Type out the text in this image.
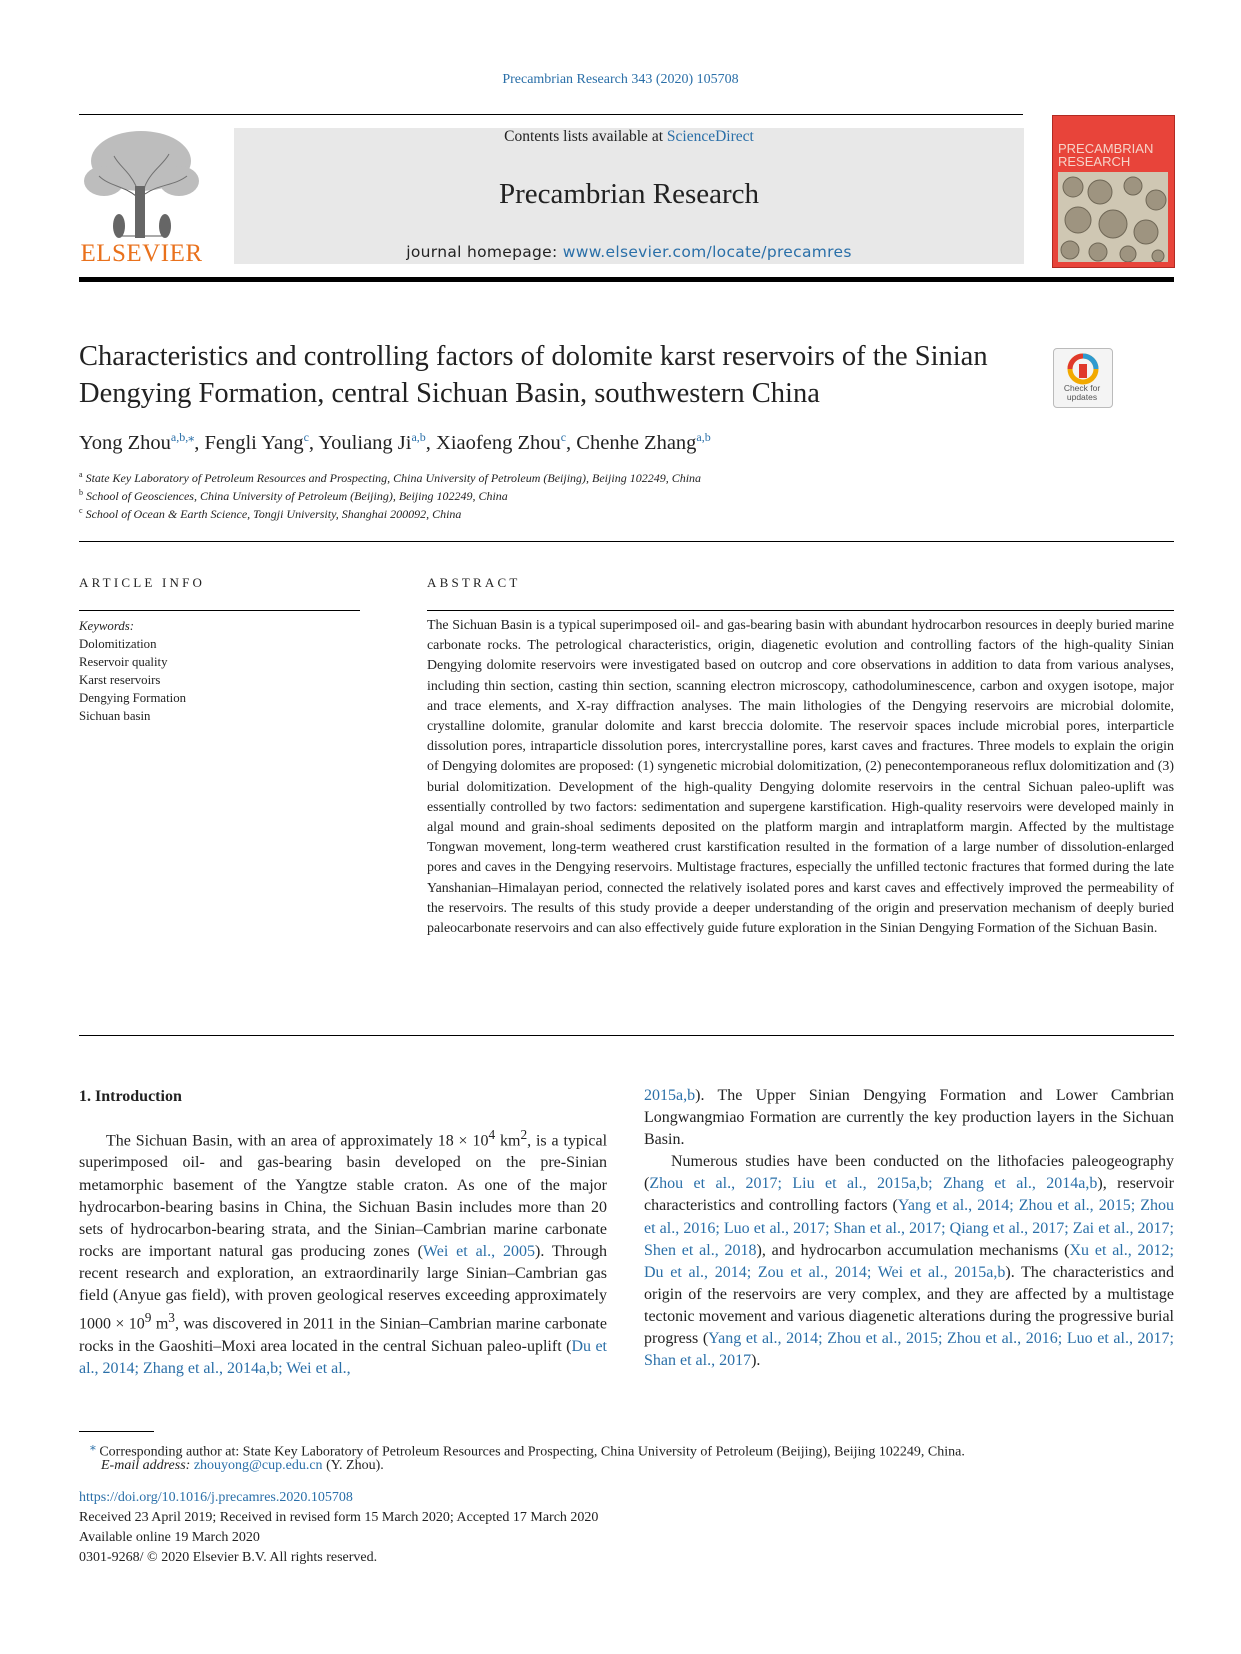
Precambrian Research 343 (2020) 105708
ELSEVIER
Contents lists available at ScienceDirect
Precambrian Research
journal homepage: www.elsevier.com/locate/precamres
PRECAMBRIAN RESEARCH
Characteristics and controlling factors of dolomite karst reservoirs of the Sinian Dengying Formation, central Sichuan Basin, southwestern China	Check for updates
Yong Zhou$^{a,b,⁎}$, Fengli Yang$^c$, Youliang Ji$^{a,b}$, Xiaofeng Zhou$^c$, Chenhe Zhang$^{a,b}$
$^a$ State Key Laboratory of Petroleum Resources and Prospecting, China University of Petroleum (Beijing), Beijing 102249, China
$^b$ School of Geosciences, China University of Petroleum (Beijing), Beijing 102249, China
$^c$ School of Ocean & Earth Science, Tongji University, Shanghai 200092, China
ARTICLE INFO
Keywords:
Dolomitization
Reservoir quality
Karst reservoirs
Dengying Formation
Sichuan basin
ABSTRACT
The Sichuan Basin is a typical superimposed oil- and gas-bearing basin with abundant hydrocarbon resources in deeply buried marine carbonate rocks. The petrological characteristics, origin, diagenetic evolution and controlling factors of the high-quality Sinian Dengying dolomite reservoirs were investigated based on outcrop and core observations in addition to data from various analyses, including thin section, casting thin section, scanning electron microscopy, cathodoluminescence, carbon and oxygen isotope, major and trace elements, and X-ray diffraction analyses. The main lithologies of the Dengying reservoirs are microbial dolomite, crystalline dolomite, granular dolomite and karst breccia dolomite. The reservoir spaces include microbial pores, interparticle dissolution pores, intraparticle dissolution pores, intercrystalline pores, karst caves and fractures. Three models to explain the origin of Dengying dolomites are proposed: (1) syngenetic microbial dolomitization, (2) penecontemporaneous reflux dolomitization and (3) burial dolomitization. Development of the high-quality Dengying dolomite reservoirs in the central Sichuan paleo-uplift was essentially controlled by two factors: sedimentation and supergene karstification. High-quality reservoirs were developed mainly in algal mound and grain-shoal sediments deposited on the platform margin and intraplatform margin. Affected by the multistage Tongwan movement, long-term weathered crust karstification resulted in the formation of a large number of dissolution-enlarged pores and caves in the Dengying reservoirs. Multistage fractures, especially the unfilled tectonic fractures that formed during the late Yanshanian–Himalayan period, connected the relatively isolated pores and karst caves and effectively improved the permeability of the reservoirs. The results of this study provide a deeper understanding of the origin and preservation mechanism of deeply buried paleocarbonate reservoirs and can also effectively guide future exploration in the Sinian Dengying Formation of the Sichuan Basin.
1. Introduction

The Sichuan Basin, with an area of approximately $18 \times 10^4$ $km^2$, is a typical superimposed oil- and gas-bearing basin developed on the pre-Sinian metamorphic basement of the Yangtze stable craton. As one of the major hydrocarbon-bearing basins in China, the Sichuan Basin includes more than 20 sets of hydrocarbon-bearing strata, and the Sinian–Cambrian marine carbonate rocks are important natural gas producing zones (Wei et al., 2005). Through recent research and exploration, an extraordinarily large Sinian–Cambrian gas field (Anyue gas field), with proven geological reserves exceeding approximately $1000 \times 10^9$ $m^3$, was discovered in 2011 in the Sinian–Cambrian marine carbonate rocks in the Gaoshiti–Moxi area located in the central Sichuan paleo-uplift (Du et al., 2014; Zhang et al., 2014a,b; Wei et al.,

2015a,b). The Upper Sinian Dengying Formation and Lower Cambrian Longwangmiao Formation are currently the key production layers in the Sichuan Basin.

Numerous studies have been conducted on the lithofacies paleogeography (Zhou et al., 2017; Liu et al., 2015a,b; Zhang et al., 2014a,b), reservoir characteristics and controlling factors (Yang et al., 2014; Zhou et al., 2015; Zhou et al., 2016; Luo et al., 2017; Shan et al., 2017; Qiang et al., 2017; Zai et al., 2017; Shen et al., 2018), and hydrocarbon accumulation mechanisms (Xu et al., 2012; Du et al., 2014; Zou et al., 2014; Wei et al., 2015a,b). The characteristics and origin of the reservoirs are very complex, and they are affected by a multistage tectonic movement and various diagenetic alterations during the progressive burial progress (Yang et al., 2014; Zhou et al., 2015; Zhou et al., 2016; Luo et al., 2017; Shan et al., 2017).

⁎ Corresponding author at: State Key Laboratory of Petroleum Resources and Prospecting, China University of Petroleum (Beijing), Beijing 102249, China.
E-mail address: zhouyong@cup.edu.cn (Y. Zhou).
https://doi.org/10.1016/j.precamres.2020.105708
Received 23 April 2019; Received in revised form 15 March 2020; Accepted 17 March 2020
Available online 19 March 2020
0301-9268/ © 2020 Elsevier B.V. All rights reserved.
